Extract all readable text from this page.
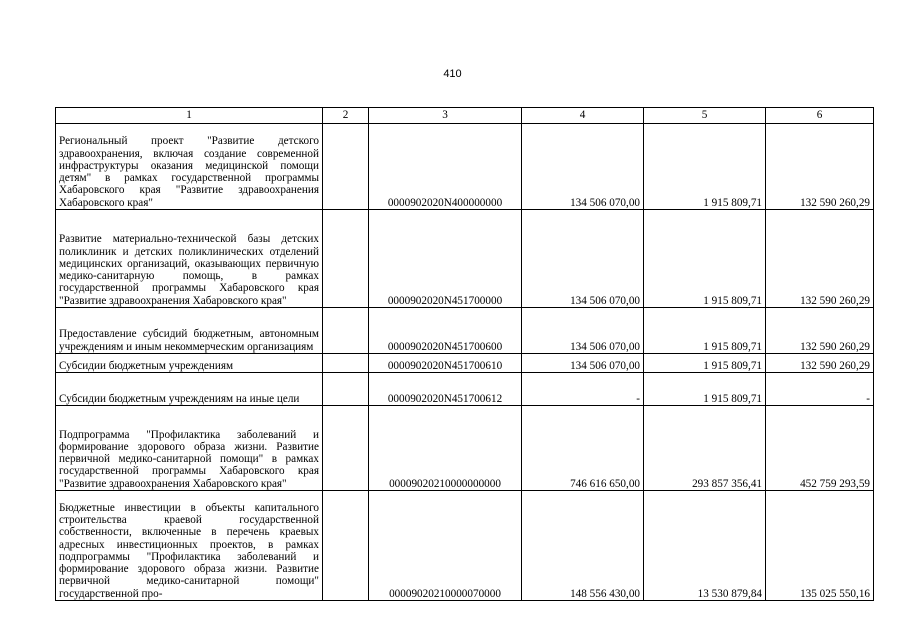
410
1	2	3	4	5	6
Региональный проект "Развитие детского здравоохранения, включая создание современной инфраструктуры оказания медицинской помощи детям" в рамках государственной программы Хабаровского края "Развитие здравоохранения Хабаровского края"		0000902020N400000000	134 506 070,00	1 915 809,71	132 590 260,29
Развитие материально-технической базы детских поликлиник и детских поликлинических отделений медицинских организаций, оказывающих первичную медико-санитарную помощь, в рамках государственной программы Хабаровского края "Развитие здравоохранения Хабаровского края"		0000902020N451700000	134 506 070,00	1 915 809,71	132 590 260,29
Предоставление субсидий бюджетным, автономным учреждениям и иным некоммерческим организациям		0000902020N451700600	134 506 070,00	1 915 809,71	132 590 260,29
Субсидии бюджетным учреждениям		0000902020N451700610	134 506 070,00	1 915 809,71	132 590 260,29
Субсидии бюджетным учреждениям на иные цели		0000902020N451700612	-	1 915 809,71	-
Подпрограмма "Профилактика заболеваний и формирование здорового образа жизни. Развитие первичной медико-санитарной помощи" в рамках государственной программы Хабаровского края "Развитие здравоохранения Хабаровского края"		00009020210000000000	746 616 650,00	293 857 356,41	452 759 293,59
Бюджетные инвестиции в объекты капитального строительства краевой государственной собственности, включенные в перечень краевых адресных инвестиционных проектов, в рамках подпрограммы "Профилактика заболеваний и формирование здорового образа жизни. Развитие первичной медико-санитарной помощи" государственной про-		00009020210000070000	148 556 430,00	13 530 879,84	135 025 550,16
